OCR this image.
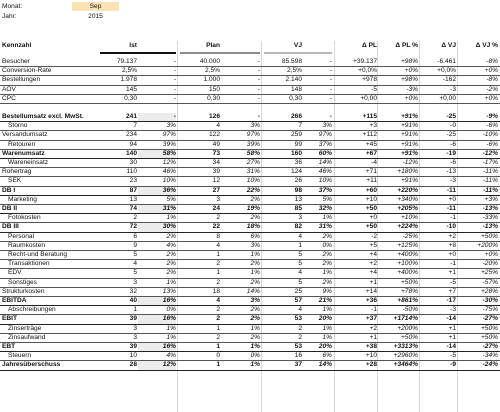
Monat:	Sep
Jahr:	2015
Kennzahl	Ist	Plan	VJ	Δ PL	Δ PL %	Δ VJ	Δ VJ %
Besucher	79.137	-	40.000	-	85.598	-	+39.137	+98%	-6.461	-8%
Conversion-Rate	2,5%	-	2,5%	-	2,5%	-	+0,0%	+0%	+0,0%	+0%
Bestellungen	1.978	-	1.000	-	2.140	-	+978	+98%	-162	-8%
AOV	145	-	150	-	148	-	-5	-3%	-3	-2%
CPC	0,30	-	0,30	-	0,30	-	+0,00	+0%	+0,00	+0%
Bestellumsatz excl. MwSt.	241	-	126	-	266	-	+115	+91%	-25	-9%
Storno	7	3%	4	3%	7	3%	+3	+91%	-0	-6%
Versandumsatz	234	97%	122	97%	259	97%	+112	+91%	-25	-10%
Retouren	94	39%	49	39%	99	37%	+45	+91%	-6	-6%
Warenumsatz	140	58%	73	58%	160	60%	+67	+91%	-19	-12%
Wareneinsatz	30	12%	34	27%	36	14%	-4	-12%	-6	-17%
Rohertrag	110	46%	39	31%	124	46%	+71	+180%	-13	-11%
SEK	23	10%	12	10%	26	10%	+11	+91%	-3	-11%
DB I	87	36%	27	22%	98	37%	+60	+220%	-11	-11%
Marketing	13	5%	3	2%	13	5%	+10	+340%	+0	+3%
DB II	74	31%	24	19%	85	32%	+50	+205%	-11	-13%
Fotokosten	2	1%	2	2%	3	1%	+0	+10%	-1	-33%
DB III	72	30%	22	18%	82	31%	+50	+224%	-10	-13%
Personal	6	2%	8	6%	4	2%	-2	-25%	+2	+50%
Raumkosten	9	4%	4	3%	1	0%	+5	+125%	+8	+200%
Recht-und Beratung	5	2%	1	1%	5	2%	+4	+400%	+0	+0%
Transaktionen	4	2%	2	2%	5	2%	+2	+100%	-1	-20%
EDV	5	2%	1	1%	4	1%	+4	+400%	+1	+25%
Sonstiges	3	1%	2	2%	5	2%	+1	+50%	-5	-57%
Strukturkosten	32	13%	18	14%	25	9%	+14	+78%	+7	+28%
EBITDA	40	16%	4	3%	57	21%	+36	+861%	-17	-30%
Abschreibungen	1	0%	2	2%	4	1%	-1	-50%	-3	-75%
EBIT	39	16%	2	2%	53	20%	+37	+1714%	-14	-27%
Zinserträge	3	1%	1	1%	2	1%	+2	+200%	+1	+50%
Zinsaufwand	3	1%	2	2%	2	1%	+1	+50%	+1	+50%
EBT	39	16%	1	1%	53	20%	+38	+3313%	-14	-27%
Steuern	10	4%	0	0%	16	6%	+10	+2960%	-5	-34%
Jahresüberschuss	28	12%	1	1%	37	14%	+28	+3464%	-9	-24%
